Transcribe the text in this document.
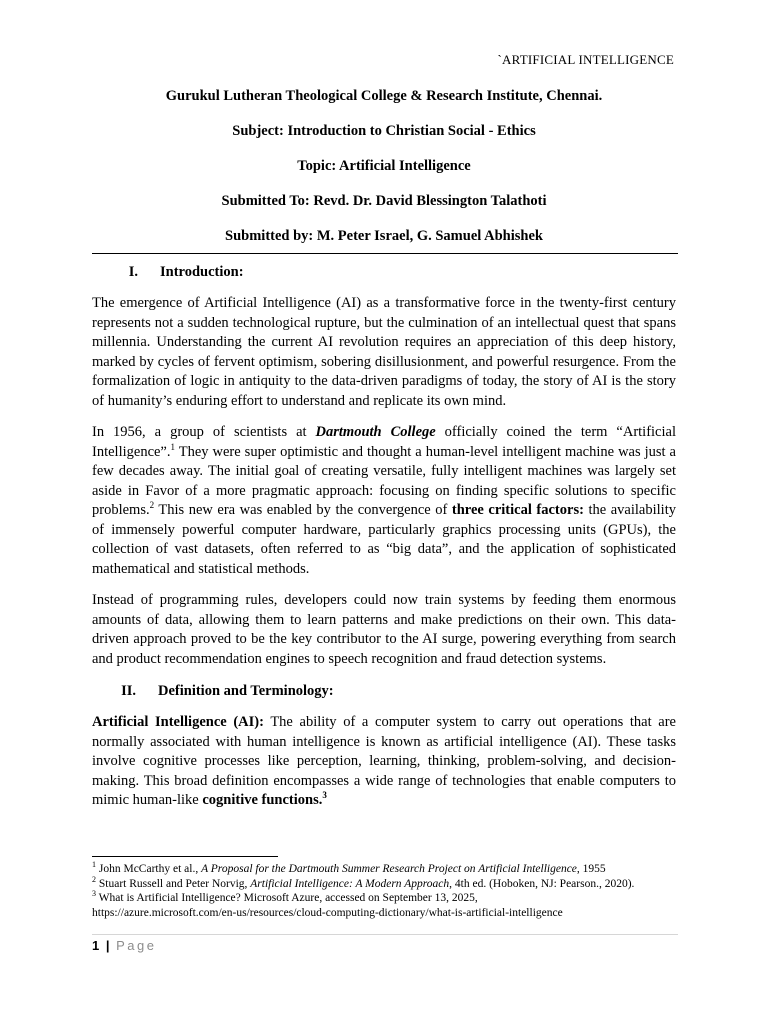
`ARTIFICIAL INTELLIGENCE
Gurukul Lutheran Theological College & Research Institute, Chennai.
Subject: Introduction to Christian Social - Ethics
Topic: Artificial Intelligence
Submitted To: Revd. Dr. David Blessington Talathoti
Submitted by: M. Peter Israel, G. Samuel Abhishek

I. Introduction:

The emergence of Artificial Intelligence (AI) as a transformative force in the twenty-first century represents not a sudden technological rupture, but the culmination of an intellectual quest that spans millennia. Understanding the current AI revolution requires an appreciation of this deep history, marked by cycles of fervent optimism, sobering disillusionment, and powerful resurgence. From the formalization of logic in antiquity to the data-driven paradigms of today, the story of AI is the story of humanity’s enduring effort to understand and replicate its own mind.

In 1956, a group of scientists at Dartmouth College officially coined the term “Artificial Intelligence”.$^1$ They were super optimistic and thought a human-level intelligent machine was just a few decades away. The initial goal of creating versatile, fully intelligent machines was largely set aside in Favor of a more pragmatic approach: focusing on finding specific solutions to specific problems.$^2$ This new era was enabled by the convergence of three critical factors: the availability of immensely powerful computer hardware, particularly graphics processing units (GPUs), the collection of vast datasets, often referred to as “big data”, and the application of sophisticated mathematical and statistical methods.

Instead of programming rules, developers could now train systems by feeding them enormous amounts of data, allowing them to learn patterns and make predictions on their own. This data-driven approach proved to be the key contributor to the AI surge, powering everything from search and product recommendation engines to speech recognition and fraud detection systems.

II. Definition and Terminology:

Artificial Intelligence (AI): The ability of a computer system to carry out operations that are normally associated with human intelligence is known as artificial intelligence (AI). These tasks involve cognitive processes like perception, learning, thinking, problem-solving, and decision-making. This broad definition encompasses a wide range of technologies that enable computers to mimic human-like cognitive functions.$^3$

$^1$ John McCarthy et al., A Proposal for the Dartmouth Summer Research Project on Artificial Intelligence, 1955

$^2$ Stuart Russell and Peter Norvig, Artificial Intelligence: A Modern Approach, 4th ed. (Hoboken, NJ: Pearson., 2020).

$^3$ What is Artificial Intelligence? Microsoft Azure, accessed on September 13, 2025,
https://azure.microsoft.com/en-us/resources/cloud-computing-dictionary/what-is-artificial-intelligence

1 | Page
